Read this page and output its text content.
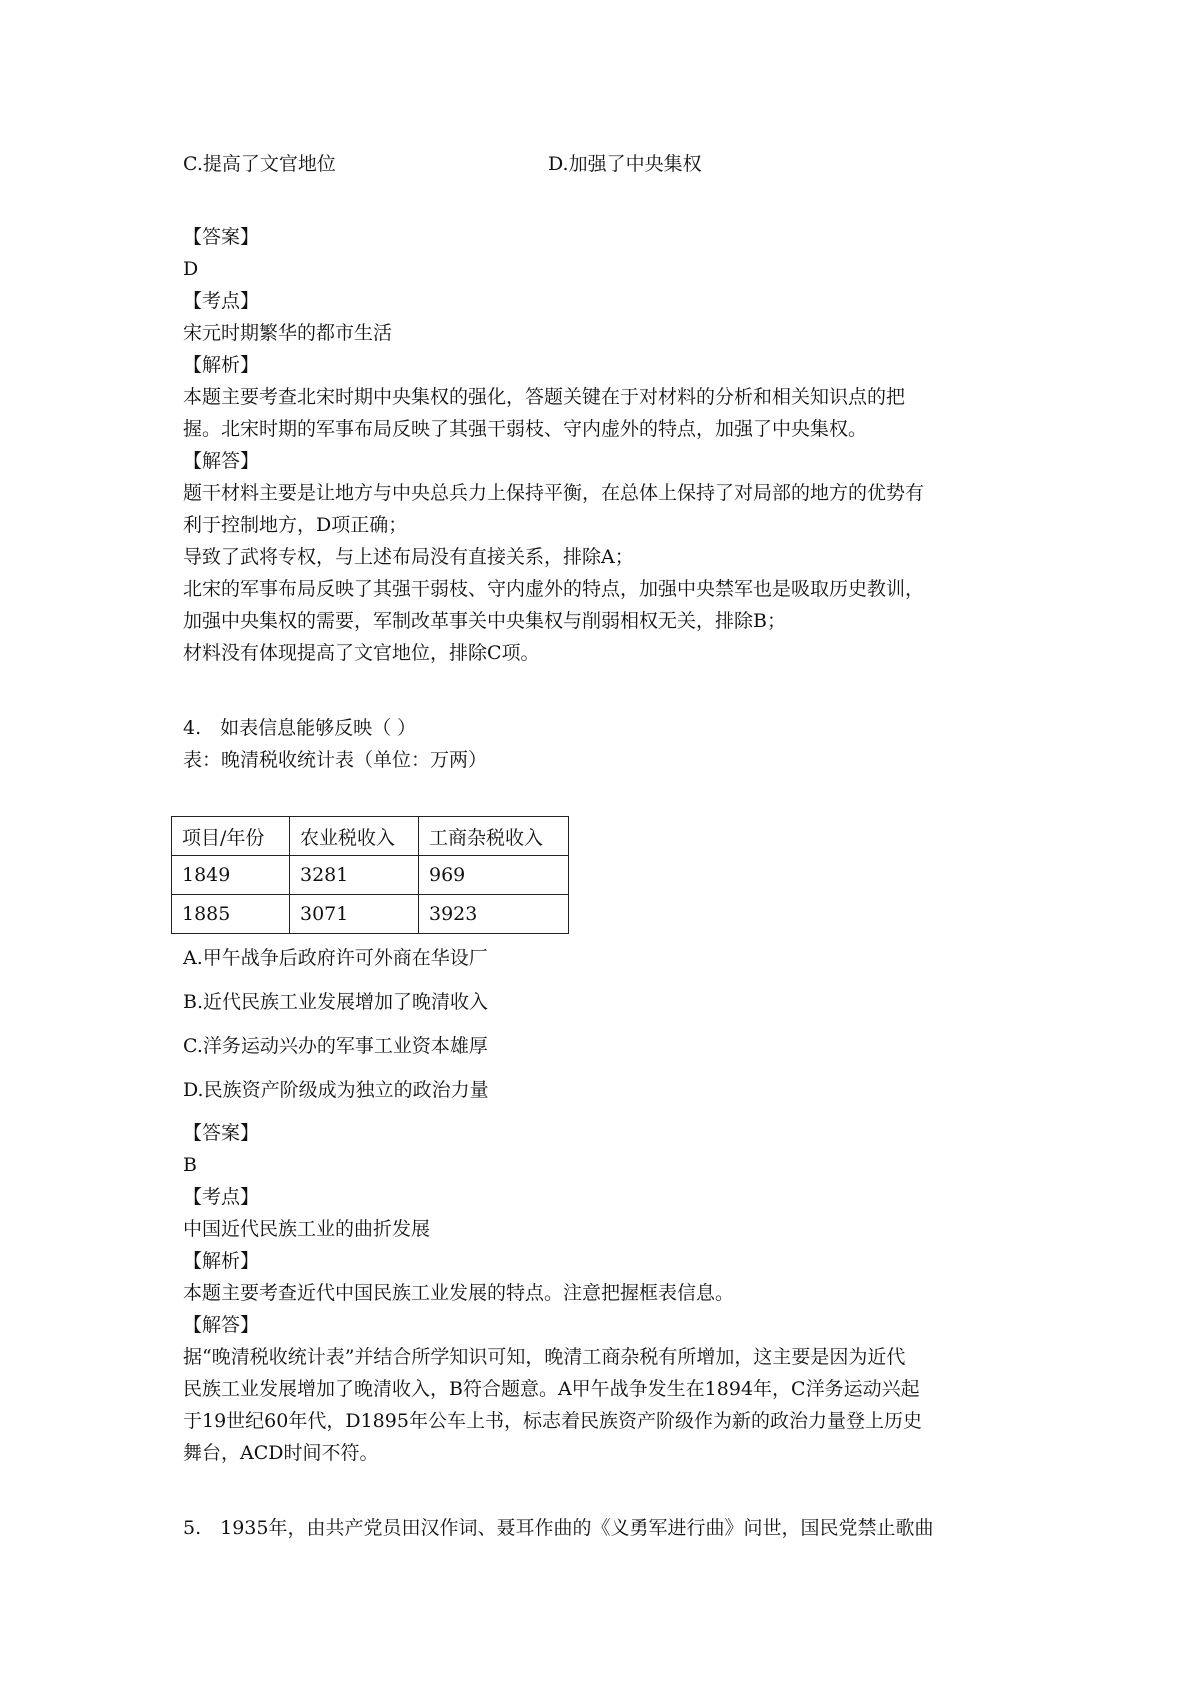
C.提高了文官地位	D.加强了中央集权
【答案】
D
【考点】
宋元时期繁华的都市生活
【解析】
本题主要考查北宋时期中央集权的强化，答题关键在于对材料的分析和相关知识点的把
握。北宋时期的军事布局反映了其强干弱枝、守内虚外的特点，加强了中央集权。
【解答】
题干材料主要是让地方与中央总兵力上保持平衡，在总体上保持了对局部的地方的优势有
利于控制地方，D项正确；
导致了武将专权，与上述布局没有直接关系，排除A；
北宋的军事布局反映了其强干弱枝、守内虚外的特点，加强中央禁军也是吸取历史教训，
加强中央集权的需要，军制改革事关中央集权与削弱相权无关，排除B；
材料没有体现提高了文官地位，排除C项。
4.　如表信息能够反映（ ）
表：晚清税收统计表（单位：万两）
项目/年份	农业税收入	工商杂税收入
1849	3281	969
1885	3071	3923
A.甲午战争后政府许可外商在华设厂
B.近代民族工业发展增加了晚清收入
C.洋务运动兴办的军事工业资本雄厚
D.民族资产阶级成为独立的政治力量
【答案】
B
【考点】
中国近代民族工业的曲折发展
【解析】
本题主要考查近代中国民族工业发展的特点。注意把握框表信息。
【解答】
据“晚清税收统计表”并结合所学知识可知，晚清工商杂税有所增加，这主要是因为近代
民族工业发展增加了晚清收入，B符合题意。A甲午战争发生在1894年，C洋务运动兴起
于19世纪60年代，D1895年公车上书，标志着民族资产阶级作为新的政治力量登上历史
舞台，ACD时间不符。
5.　1935年，由共产党员田汉作词、聂耳作曲的《义勇军进行曲》问世，国民党禁止歌曲
